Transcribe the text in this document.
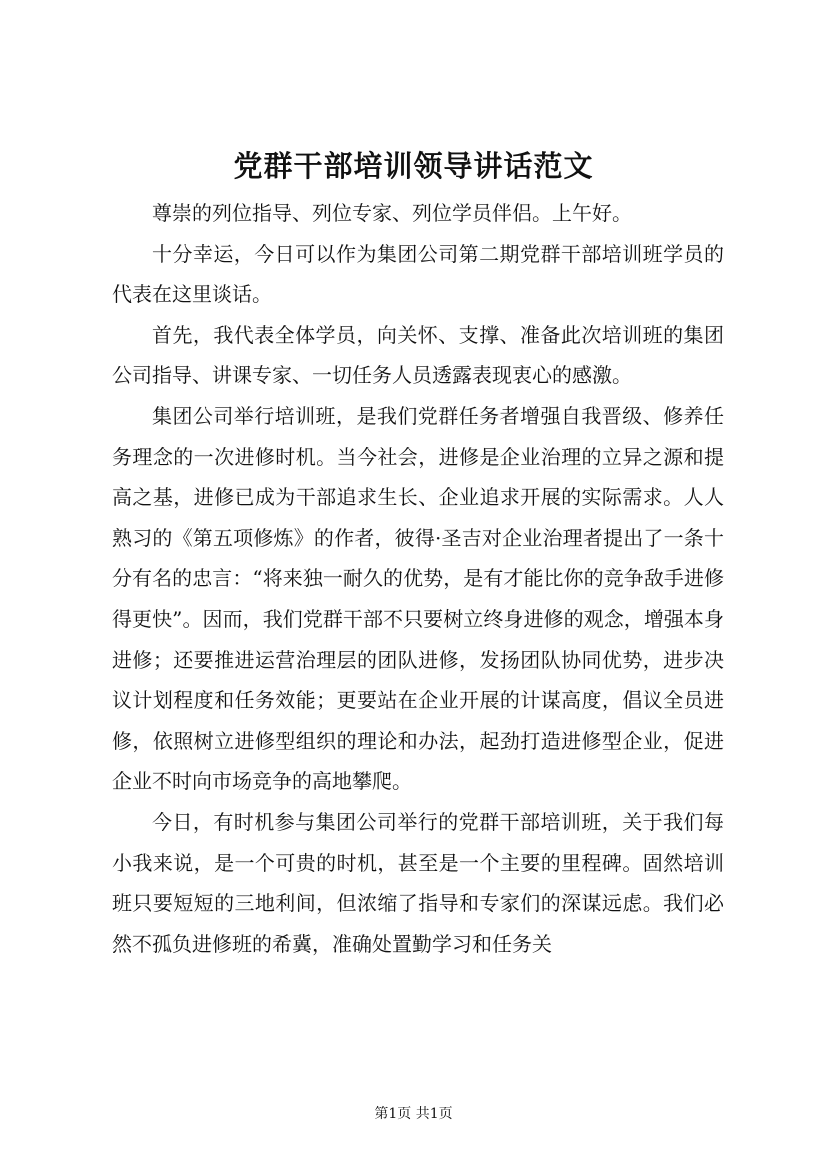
党群干部培训领导讲话范文

尊崇的列位指导、列位专家、列位学员伴侣。上午好。

十分幸运，今日可以作为集团公司第二期党群干部培训班学员的代表在这里谈话。

首先，我代表全体学员，向关怀、支撑、准备此次培训班的集团公司指导、讲课专家、一切任务人员透露表现衷心的感激。

集团公司举行培训班，是我们党群任务者增强自我晋级、修养任务理念的一次进修时机。当今社会，进修是企业治理的立异之源和提高之基，进修已成为干部追求生长、企业追求开展的实际需求。人人熟习的《第五项修炼》的作者，彼得·圣吉对企业治理者提出了一条十分有名的忠言：“将来独一耐久的优势，是有才能比你的竞争敌手进修得更快”。因而，我们党群干部不只要树立终身进修的观念，增强本身进修；还要推进运营治理层的团队进修，发扬团队协同优势，进步决议计划程度和任务效能；更要站在企业开展的计谋高度，倡议全员进修，依照树立进修型组织的理论和办法，起劲打造进修型企业，促进企业不时向市场竞争的高地攀爬。

今日，有时机参与集团公司举行的党群干部培训班，关于我们每小我来说，是一个可贵的时机，甚至是一个主要的里程碑。固然培训班只要短短的三地利间，但浓缩了指导和专家们的深谋远虑。我们必然不孤负进修班的希冀，准确处置勤学习和任务关

第1页 共1页
